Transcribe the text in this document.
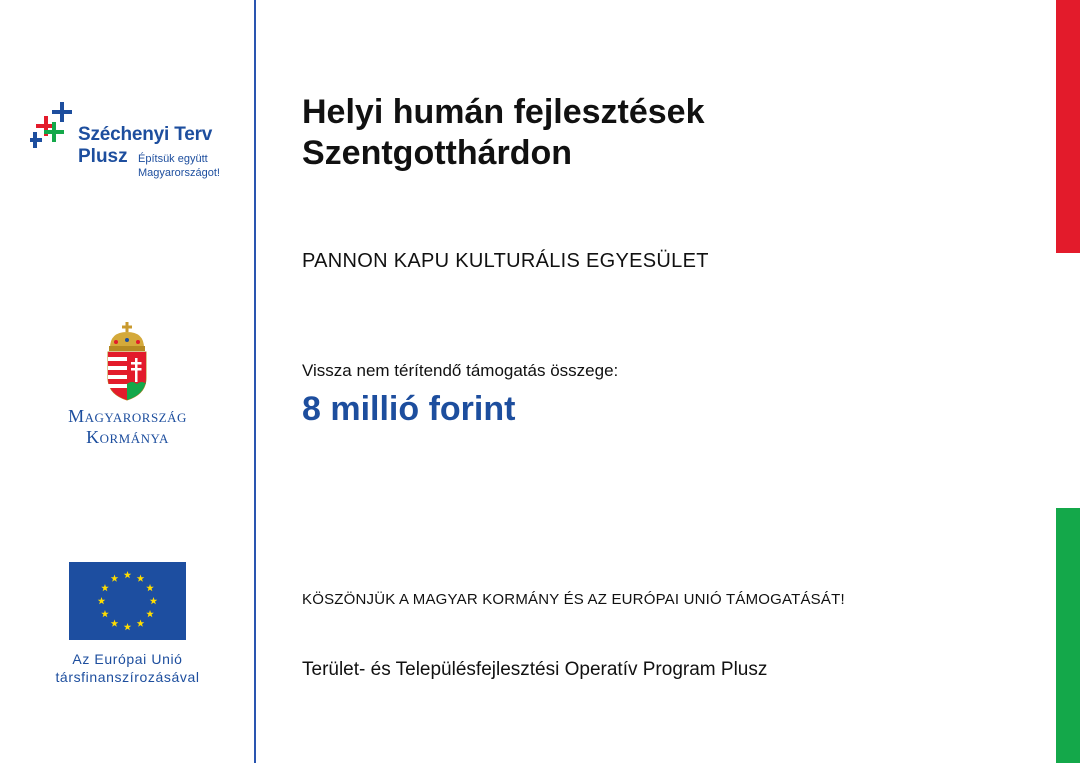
Széchenyi Terv
Plusz Építsük együtt
Magyarországot!
Magyarország
Kormánya
Az Európai Unió
társfinanszírozásával
Helyi humán fejlesztések
Szentgotthárdon
PANNON KAPU KULTURÁLIS EGYESÜLET
Vissza nem térítendő támogatás összege:
8 millió forint
KÖSZÖNJÜK A MAGYAR KORMÁNY ÉS AZ EURÓPAI UNIÓ TÁMOGATÁSÁT!
Terület- és Településfejlesztési Operatív Program Plusz
